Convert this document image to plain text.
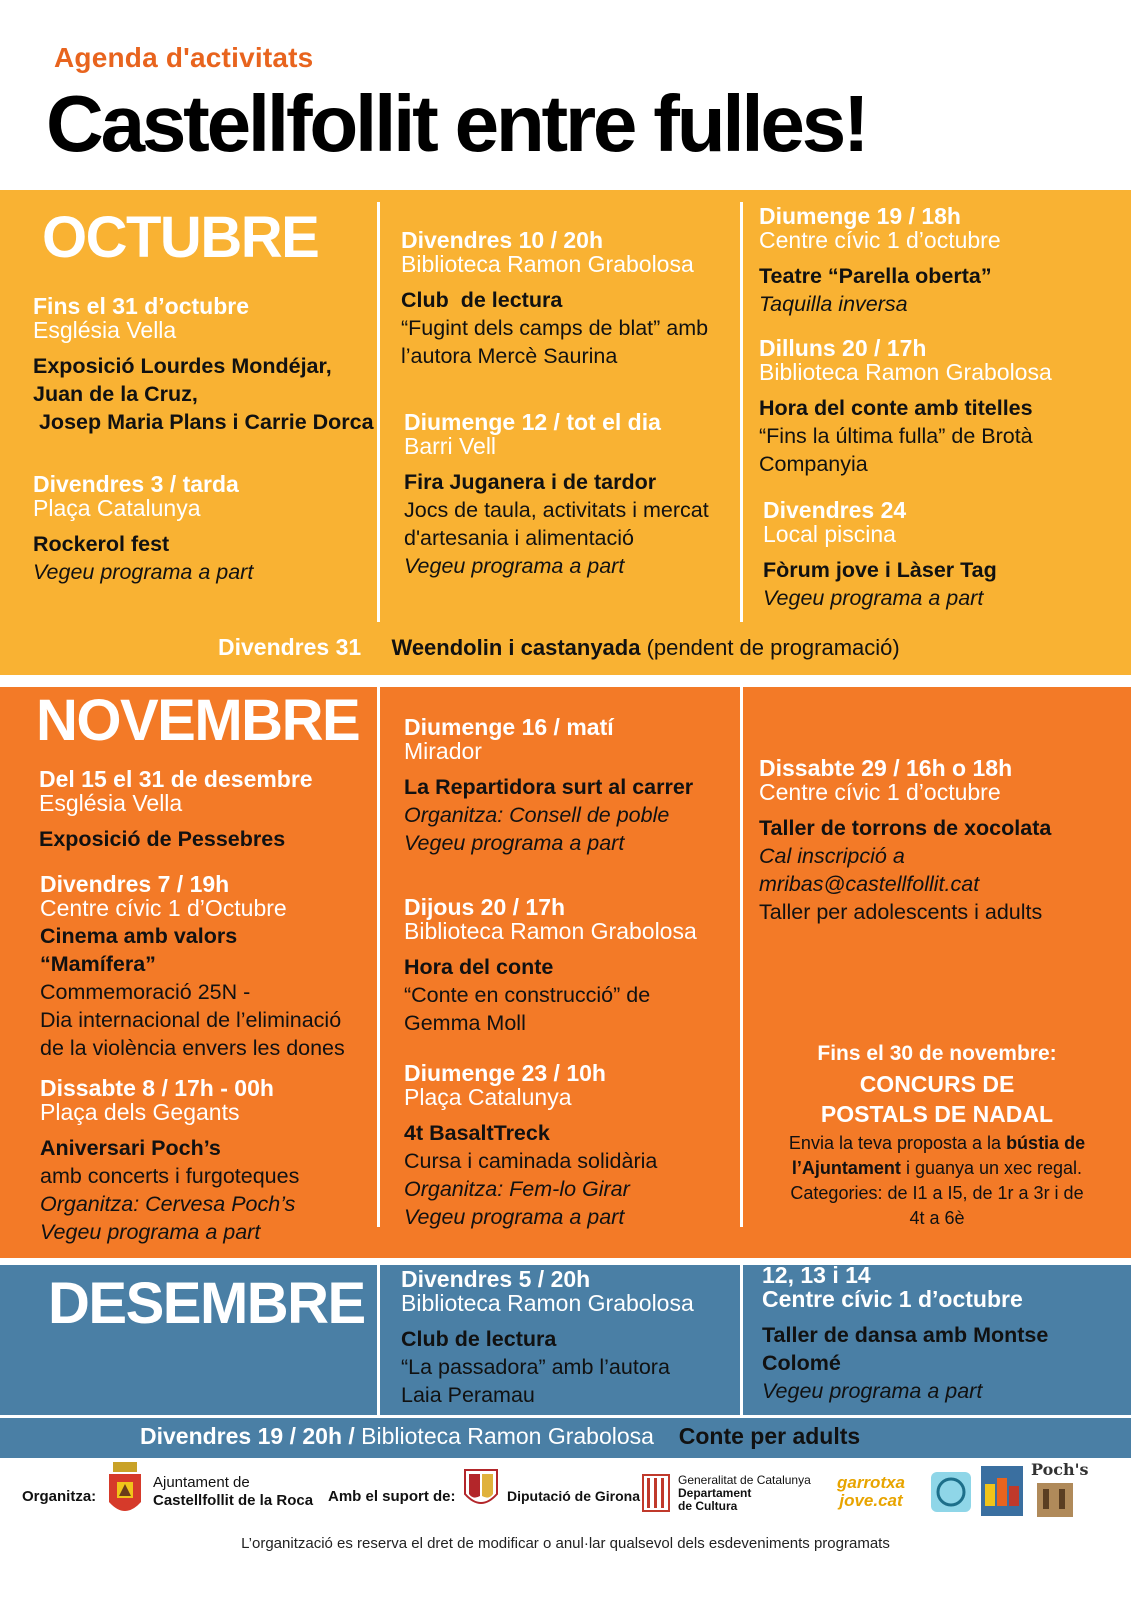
Agenda d'activitats
Castellfollit entre fulles!
OCTUBRE
Fins el 31 d’octubre
Església Vella
Exposició Lourdes Mondéjar,
Juan de la Cruz,
Josep Maria Plans i Carrie Dorca
Divendres 3 / tarda
Plaça Catalunya
Rockerol fest
Vegeu programa a part
Divendres 10 / 20h
Biblioteca Ramon Grabolosa
Club  de lectura
“Fugint dels camps de blat” amb
l’autora Mercè Saurina
Diumenge 12 / tot el dia
Barri Vell
Fira Juganera i de tardor
Jocs de taula, activitats i mercat
d'artesania i alimentació
Vegeu programa a part
Diumenge 19 / 18h
Centre cívic 1 d’octubre
Teatre “Parella oberta”
Taquilla inversa
Dilluns 20 / 17h
Biblioteca Ramon Grabolosa
Hora del conte amb titelles
“Fins la última fulla” de Brotà
Companyia
Divendres 24
Local piscina
Fòrum jove i Làser Tag
Vegeu programa a part
Divendres 31 Weendolin i castanyada (pendent de programació)
NOVEMBRE
Del 15 el 31 de desembre
Església Vella
Exposició de Pessebres
Divendres 7 / 19h
Centre cívic 1 d’Octubre
Cinema amb valors
“Mamífera”
Commemoració 25N -
Dia internacional de l’eliminació
de la violència envers les dones
Dissabte 8 / 17h - 00h
Plaça dels Gegants
Aniversari Poch’s
amb concerts i furgoteques
Organitza: Cervesa Poch’s
Vegeu programa a part
Diumenge 16 / matí
Mirador
La Repartidora surt al carrer
Organitza: Consell de poble
Vegeu programa a part
Dijous 20 / 17h
Biblioteca Ramon Grabolosa
Hora del conte
“Conte en construcció” de
Gemma Moll
Diumenge 23 / 10h
Plaça Catalunya
4t BasaltTreck
Cursa i caminada solidària
Organitza: Fem-lo Girar
Vegeu programa a part
Dissabte 29 / 16h o 18h
Centre cívic 1 d’octubre
Taller de torrons de xocolata
Cal inscripció a
mribas@castellfollit.cat
Taller per adolescents i adults
Fins el 30 de novembre:
CONCURS DE
POSTALS DE NADAL
Envia la teva proposta a la bústia de
l’Ajuntament i guanya un xec regal.
Categories: de I1 a I5, de 1r a 3r i de
4t a 6è
DESEMBRE Divendres 5 / 20h
Biblioteca Ramon Grabolosa
Club de lectura
“La passadora” amb l’autora
Laia Peramau
12, 13 i 14
Centre cívic 1 d’octubre
Taller de dansa amb Montse
Colomé
Vegeu programa a part
Divendres 19 / 20h / Biblioteca Ramon Grabolosa Conte per adults
Organitza:
Ajuntament de
Castellfollit de la Roca Amb el suport de:	Diputació de Girona
Generalitat de Catalunya
Departament
de Cultura
garrotxa
jove.cat
Poch's
L’organització es reserva el dret de modificar o anul·lar qualsevol dels esdeveniments programats
